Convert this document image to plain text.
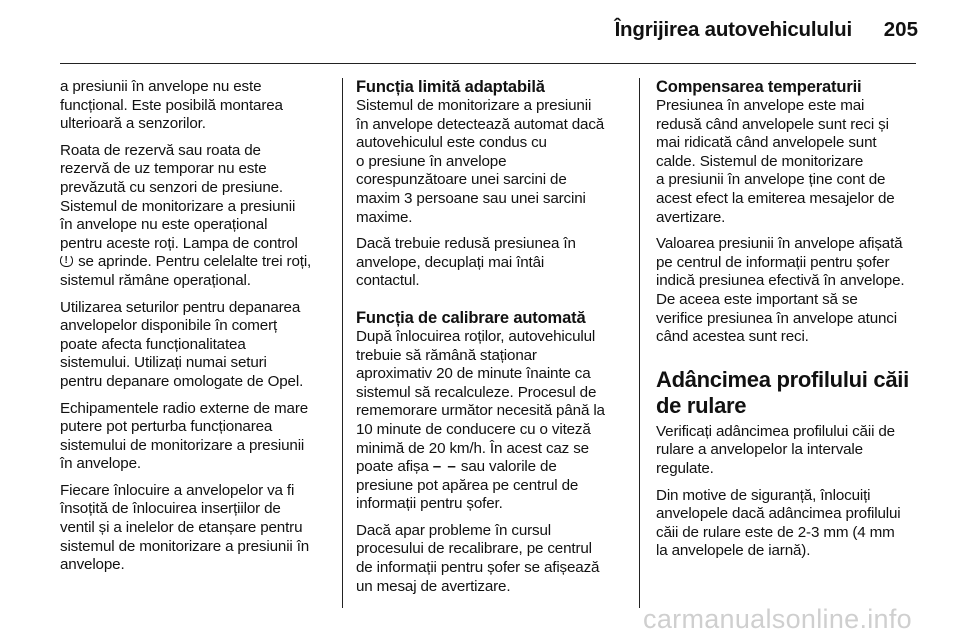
Îngrijirea autovehiculului 205
a presiunii în anvelope nu este
funcțional. Este posibilă montarea
ulterioară a senzorilor.
Roata de rezervă sau roata de
rezervă de uz temporar nu este
prevăzută cu senzori de presiune.
Sistemul de monitorizare a presiunii
în anvelope nu este operațional
pentru aceste roți. Lampa de control
! se aprinde. Pentru celelalte trei roți,
sistemul rămâne operațional.
Utilizarea seturilor pentru depanarea
anvelopelor disponibile în comerț
poate afecta funcționalitatea
sistemului. Utilizați numai seturi
pentru depanare omologate de Opel.
Echipamentele radio externe de mare
putere pot perturba funcționarea
sistemului de monitorizare a presiunii
în anvelope.
Fiecare înlocuire a anvelopelor va fi
însoțită de înlocuirea inserțiilor de
ventil și a inelelor de etanșare pentru
sistemul de monitorizare a presiunii în
anvelope.
Funcția limită adaptabilă
Sistemul de monitorizare a presiunii
în anvelope detectează automat dacă
autovehiculul este condus cu
o presiune în anvelope
corespunzătoare unei sarcini de
maxim 3 persoane sau unei sarcini
maxime.
Dacă trebuie redusă presiunea în
anvelope, decuplați mai întâi
contactul.
Funcția de calibrare automată
După înlocuirea roților, autovehiculul
trebuie să rămână staționar
aproximativ 20 de minute înainte ca
sistemul să recalculeze. Procesul de
rememorare următor necesită până la
10 minute de conducere cu o viteză
minimă de 20 km/h. În acest caz se
poate afișa – – sau valorile de
presiune pot apărea pe centrul de
informații pentru șofer.
Dacă apar probleme în cursul
procesului de recalibrare, pe centrul
de informații pentru șofer se afișează
un mesaj de avertizare.
Compensarea temperaturii
Presiunea în anvelope este mai
redusă când anvelopele sunt reci și
mai ridicată când anvelopele sunt
calde. Sistemul de monitorizare
a presiunii în anvelope ține cont de
acest efect la emiterea mesajelor de
avertizare.
Valoarea presiunii în anvelope afișată
pe centrul de informații pentru șofer
indică presiunea efectivă în anvelope.
De aceea este important să se
verifice presiunea în anvelope atunci
când acestea sunt reci.
Adâncimea profilului căii
de rulare
Verificați adâncimea profilului căii de
rulare a anvelopelor la intervale
regulate.
Din motive de siguranță, înlocuiți
anvelopele dacă adâncimea profilului
căii de rulare este de 2-3 mm (4 mm
la anvelopele de iarnă).
carmanualsonline.info
